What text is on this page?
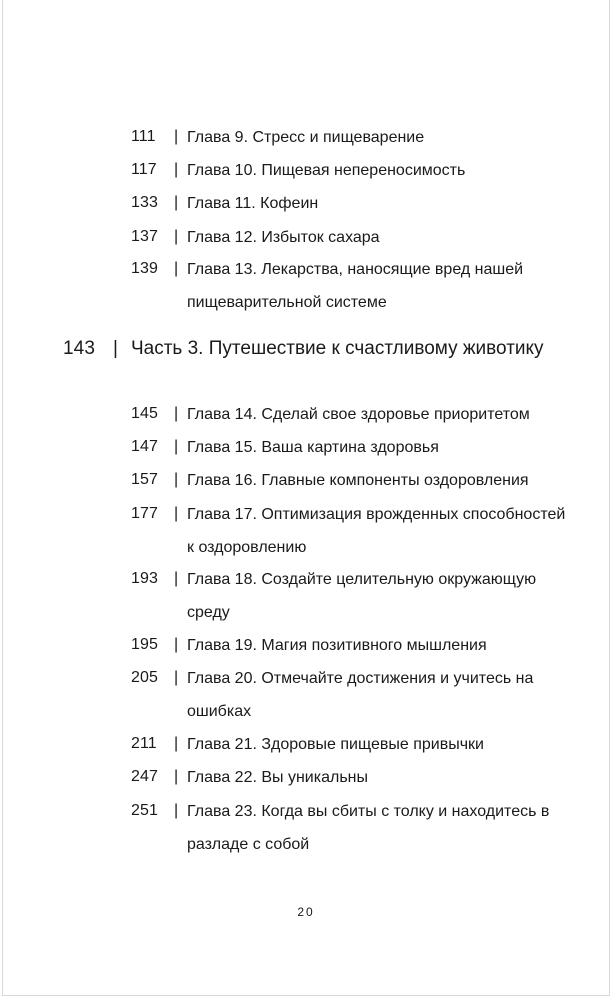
111 | Глава 9. Стресс и пищеварение
117 | Глава 10. Пищевая непереносимость
133 | Глава 11. Кофеин
137 | Глава 12. Избыток сахара
139 | Глава 13. Лекарства, наносящие вред нашей пищеварительной системе
143 | Часть 3. Путешествие к счастливому животику
145 | Глава 14. Сделай свое здоровье приоритетом
147 | Глава 15. Ваша картина здоровья
157 | Глава 16. Главные компоненты оздоровления
177 | Глава 17. Оптимизация врожденных способностей к оздоровлению
193 | Глава 18. Создайте целительную окружающую среду
195 | Глава 19. Магия позитивного мышления
205 | Глава 20. Отмечайте достижения и учитесь на ошибках
211 | Глава 21. Здоровые пищевые привычки
247 | Глава 22. Вы уникальны
251 | Глава 23. Когда вы сбиты с толку и находитесь в разладе с собой
20
